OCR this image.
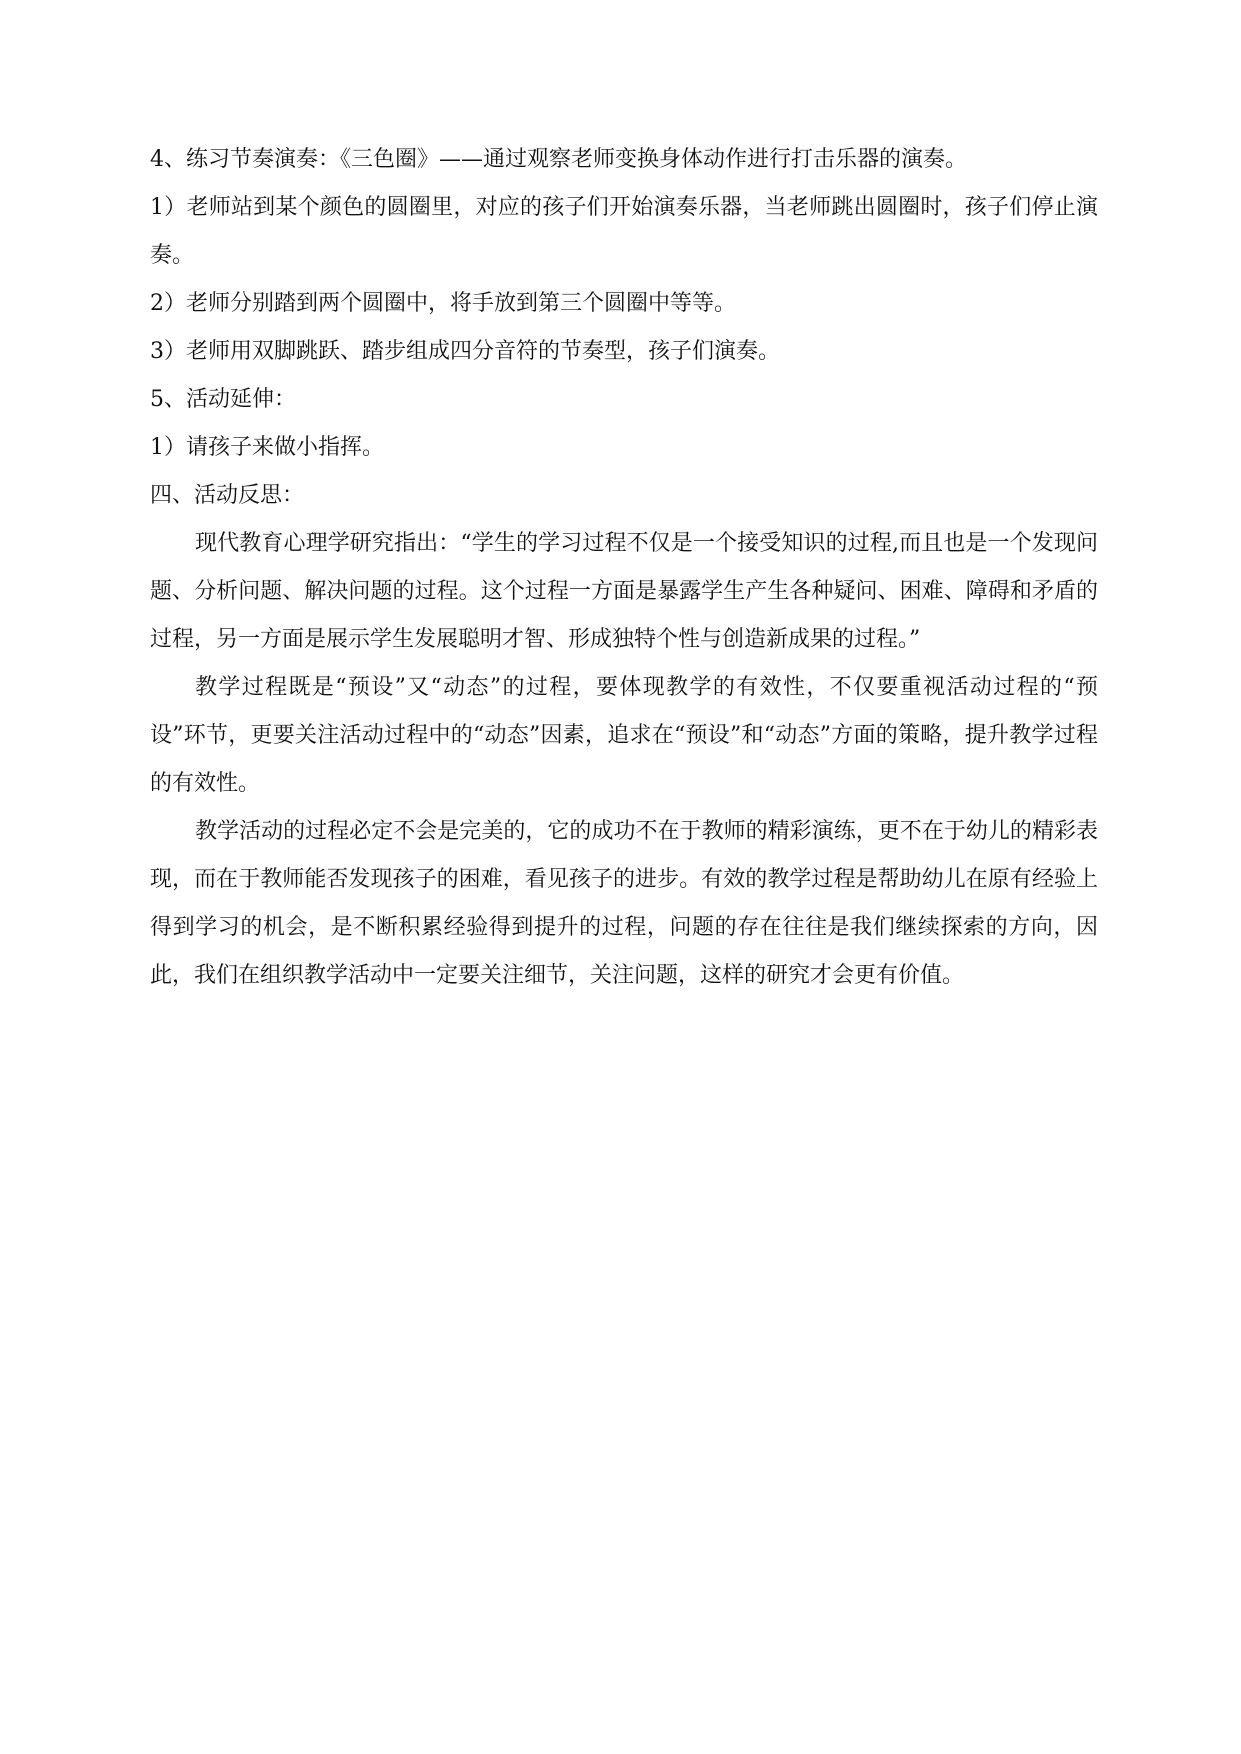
4、练习节奏演奏：《三色圈》——通过观察老师变换身体动作进行打击乐器的演奏。

1）老师站到某个颜色的圆圈里，对应的孩子们开始演奏乐器，当老师跳出圆圈时，孩子们停止演奏。

2）老师分别踏到两个圆圈中，将手放到第三个圆圈中等等。

3）老师用双脚跳跃、踏步组成四分音符的节奏型，孩子们演奏。

5、活动延伸：

1）请孩子来做小指挥。

四、活动反思：

现代教育心理学研究指出：“学生的学习过程不仅是一个接受知识的过程,而且也是一个发现问题、分析问题、解决问题的过程。这个过程一方面是暴露学生产生各种疑问、困难、障碍和矛盾的过程，另一方面是展示学生发展聪明才智、形成独特个性与创造新成果的过程。”

教学过程既是“预设”又“动态”的过程，要体现教学的有效性，不仅要重视活动过程的“预设”环节，更要关注活动过程中的“动态”因素，追求在“预设”和“动态”方面的策略，提升教学过程的有效性。

教学活动的过程必定不会是完美的，它的成功不在于教师的精彩演练，更不在于幼儿的精彩表现，而在于教师能否发现孩子的困难，看见孩子的进步。有效的教学过程是帮助幼儿在原有经验上得到学习的机会，是不断积累经验得到提升的过程，问题的存在往往是我们继续探索的方向，因此，我们在组织教学活动中一定要关注细节，关注问题，这样的研究才会更有价值。
